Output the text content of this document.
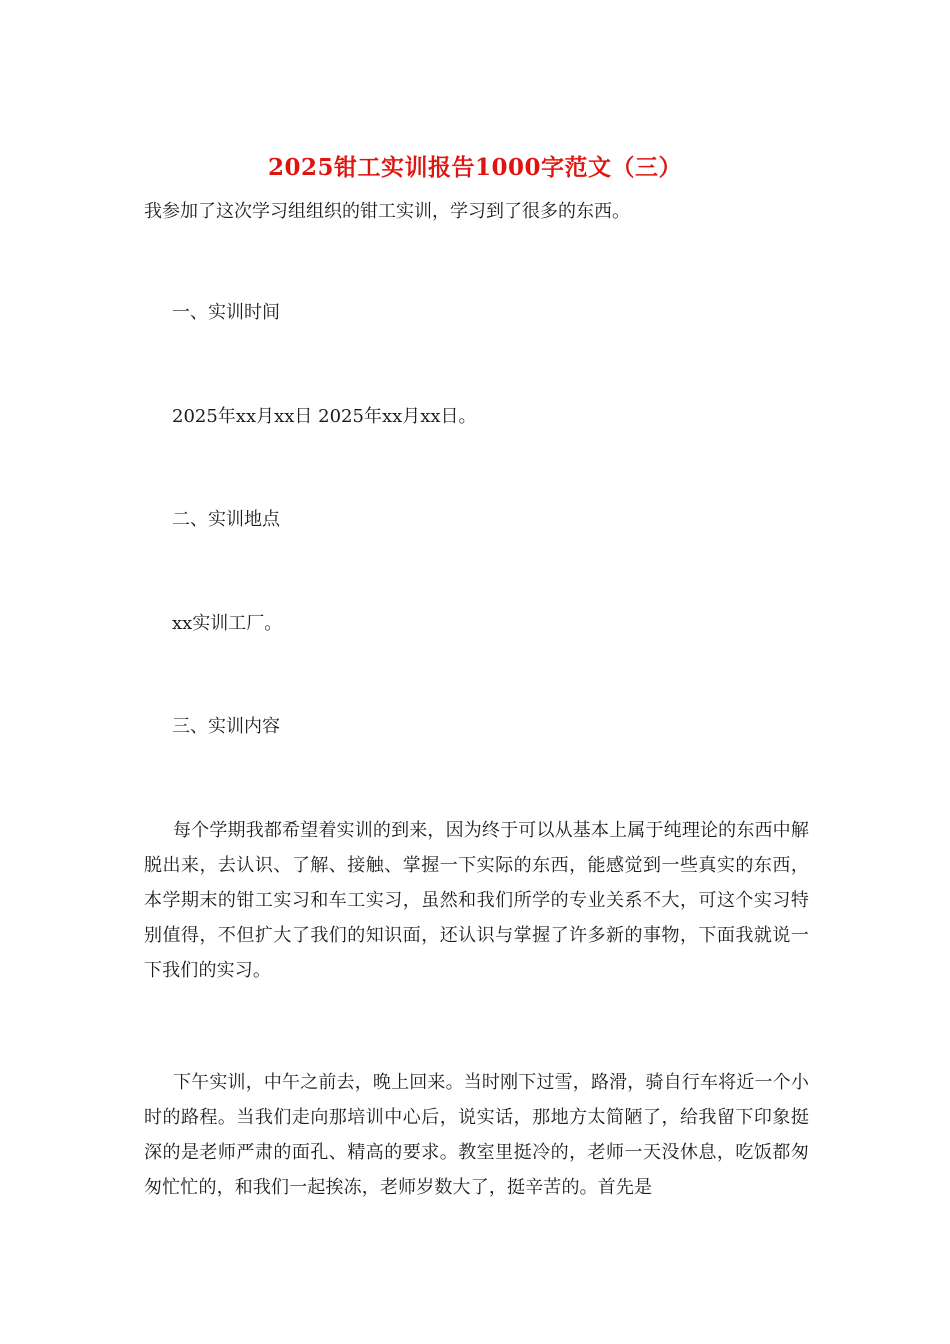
2025钳工实训报告1000字范文（三）
我参加了这次学习组组织的钳工实训，学习到了很多的东西。
一、实训时间
2025年xx月xx日 2025年xx月xx日。
二、实训地点
xx实训工厂。
三、实训内容
每个学期我都希望着实训的到来，因为终于可以从基本上属于纯理论的东西中解脱出来，去认识、了解、接触、掌握一下实际的东西，能感觉到一些真实的东西，本学期末的钳工实习和车工实习，虽然和我们所学的专业关系不大，可这个实习特别值得，不但扩大了我们的知识面，还认识与掌握了许多新的事物，下面我就说一下我们的实习。
下午实训，中午之前去，晚上回来。当时刚下过雪，路滑，骑自行车将近一个小时的路程。当我们走向那培训中心后，说实话，那地方太简陋了，给我留下印象挺深的是老师严肃的面孔、精高的要求。教室里挺冷的，老师一天没休息，吃饭都匆匆忙忙的，和我们一起挨冻，老师岁数大了，挺辛苦的。首先是
